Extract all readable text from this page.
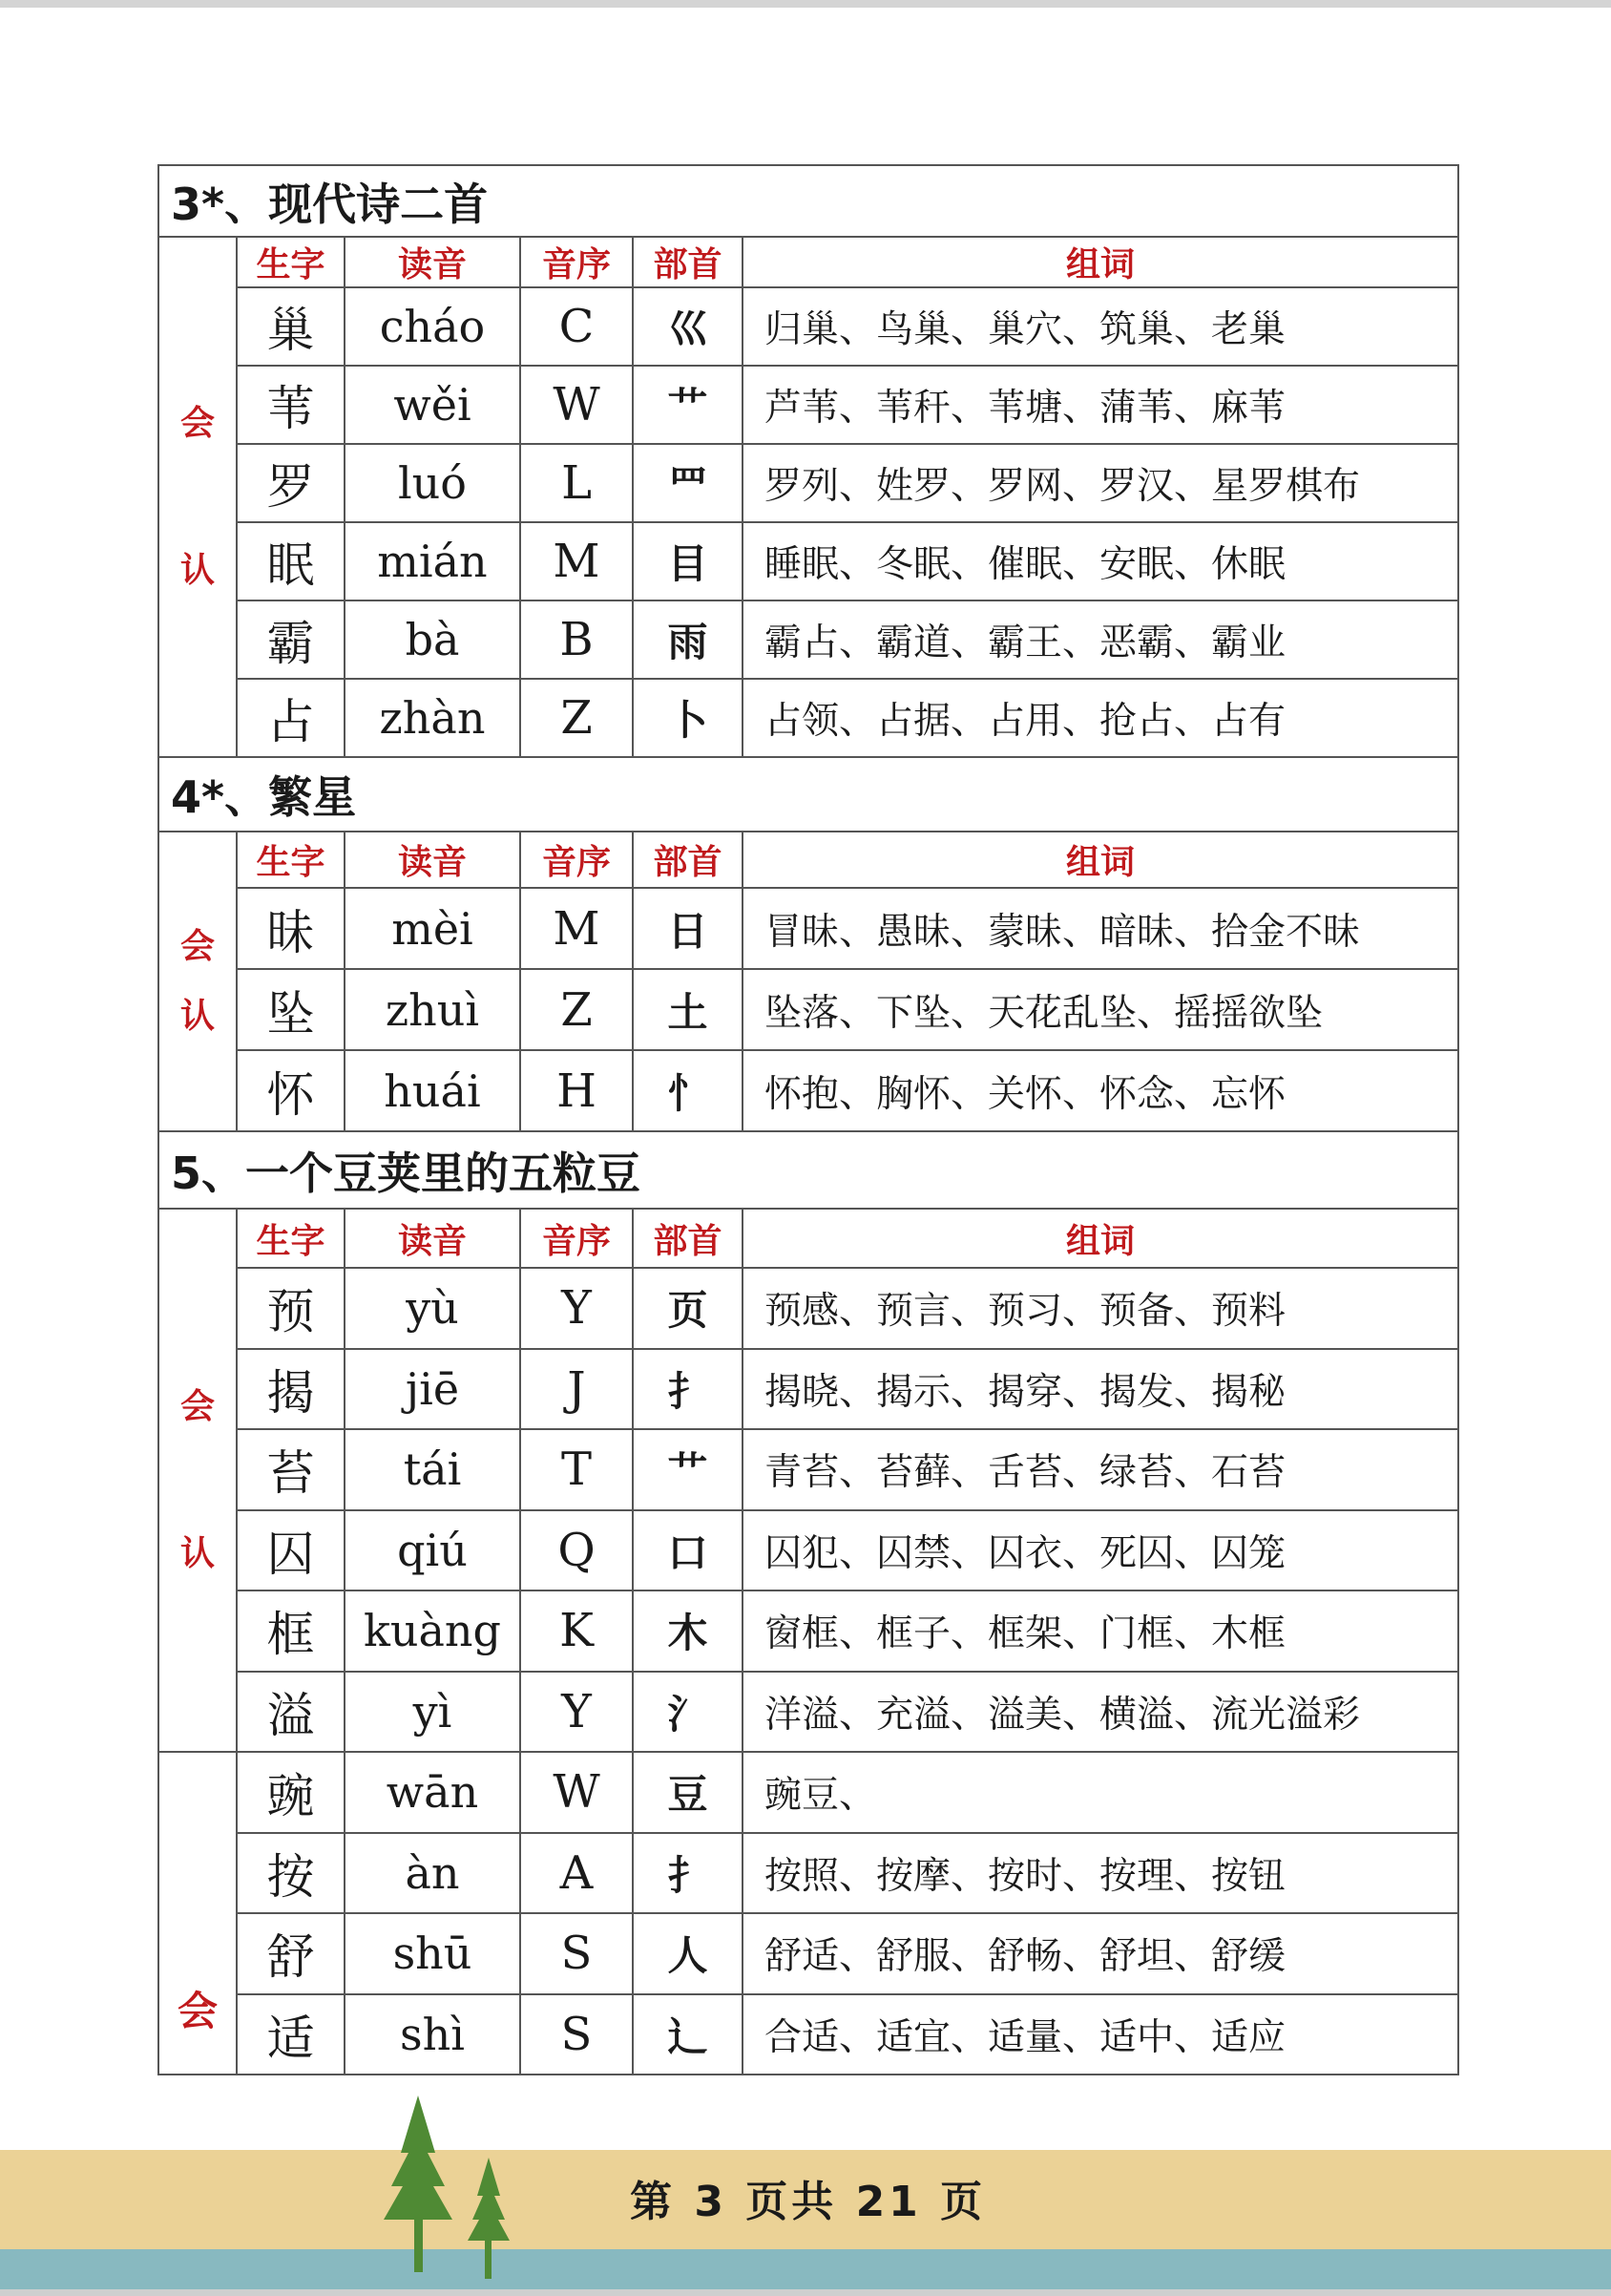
3*、现代诗二首					

会
认	生字	读音	音序	部首	组词
	巢	cháo	C	巛	归巢、鸟巢、巢穴、筑巢、老巢
	苇	wěi	W	艹	芦苇、苇秆、苇塘、蒲苇、麻苇
	罗	luó	L	罒	罗列、姓罗、罗网、罗汉、星罗棋布
	眠	mián	M	目	睡眠、冬眠、催眠、安眠、休眠
	霸	bà	B	雨	霸占、霸道、霸王、恶霸、霸业
	占	zhàn	Z	卜	占领、占据、占用、抢占、占有
4*、繁星					

会
认	生字	读音	音序	部首	组词
	昧	mèi	M	日	冒昧、愚昧、蒙昧、暗昧、拾金不昧
	坠	zhuì	Z	土	坠落、下坠、天花乱坠、摇摇欲坠
	怀	huái	H	忄	怀抱、胸怀、关怀、怀念、忘怀
5、一个豆荚里的五粒豆					

会
认	生字	读音	音序	部首	组词
	预	yù	Y	页	预感、预言、预习、预备、预料
	揭	jiē	J	扌	揭晓、揭示、揭穿、揭发、揭秘
	苔	tái	T	艹	青苔、苔藓、舌苔、绿苔、石苔
	囚	qiú	Q	口	囚犯、囚禁、囚衣、死囚、囚笼
	框	kuàng	K	木	窗框、框子、框架、门框、木框
	溢	yì	Y	氵	洋溢、充溢、溢美、横溢、流光溢彩

会	豌	wān	W	豆	豌豆、
	按	àn	A	扌	按照、按摩、按时、按理、按钮
	舒	shū	S	人	舒适、舒服、舒畅、舒坦、舒缓
	适	shì	S	辶	合适、适宜、适量、适中、适应
第 3 页共 21 页
